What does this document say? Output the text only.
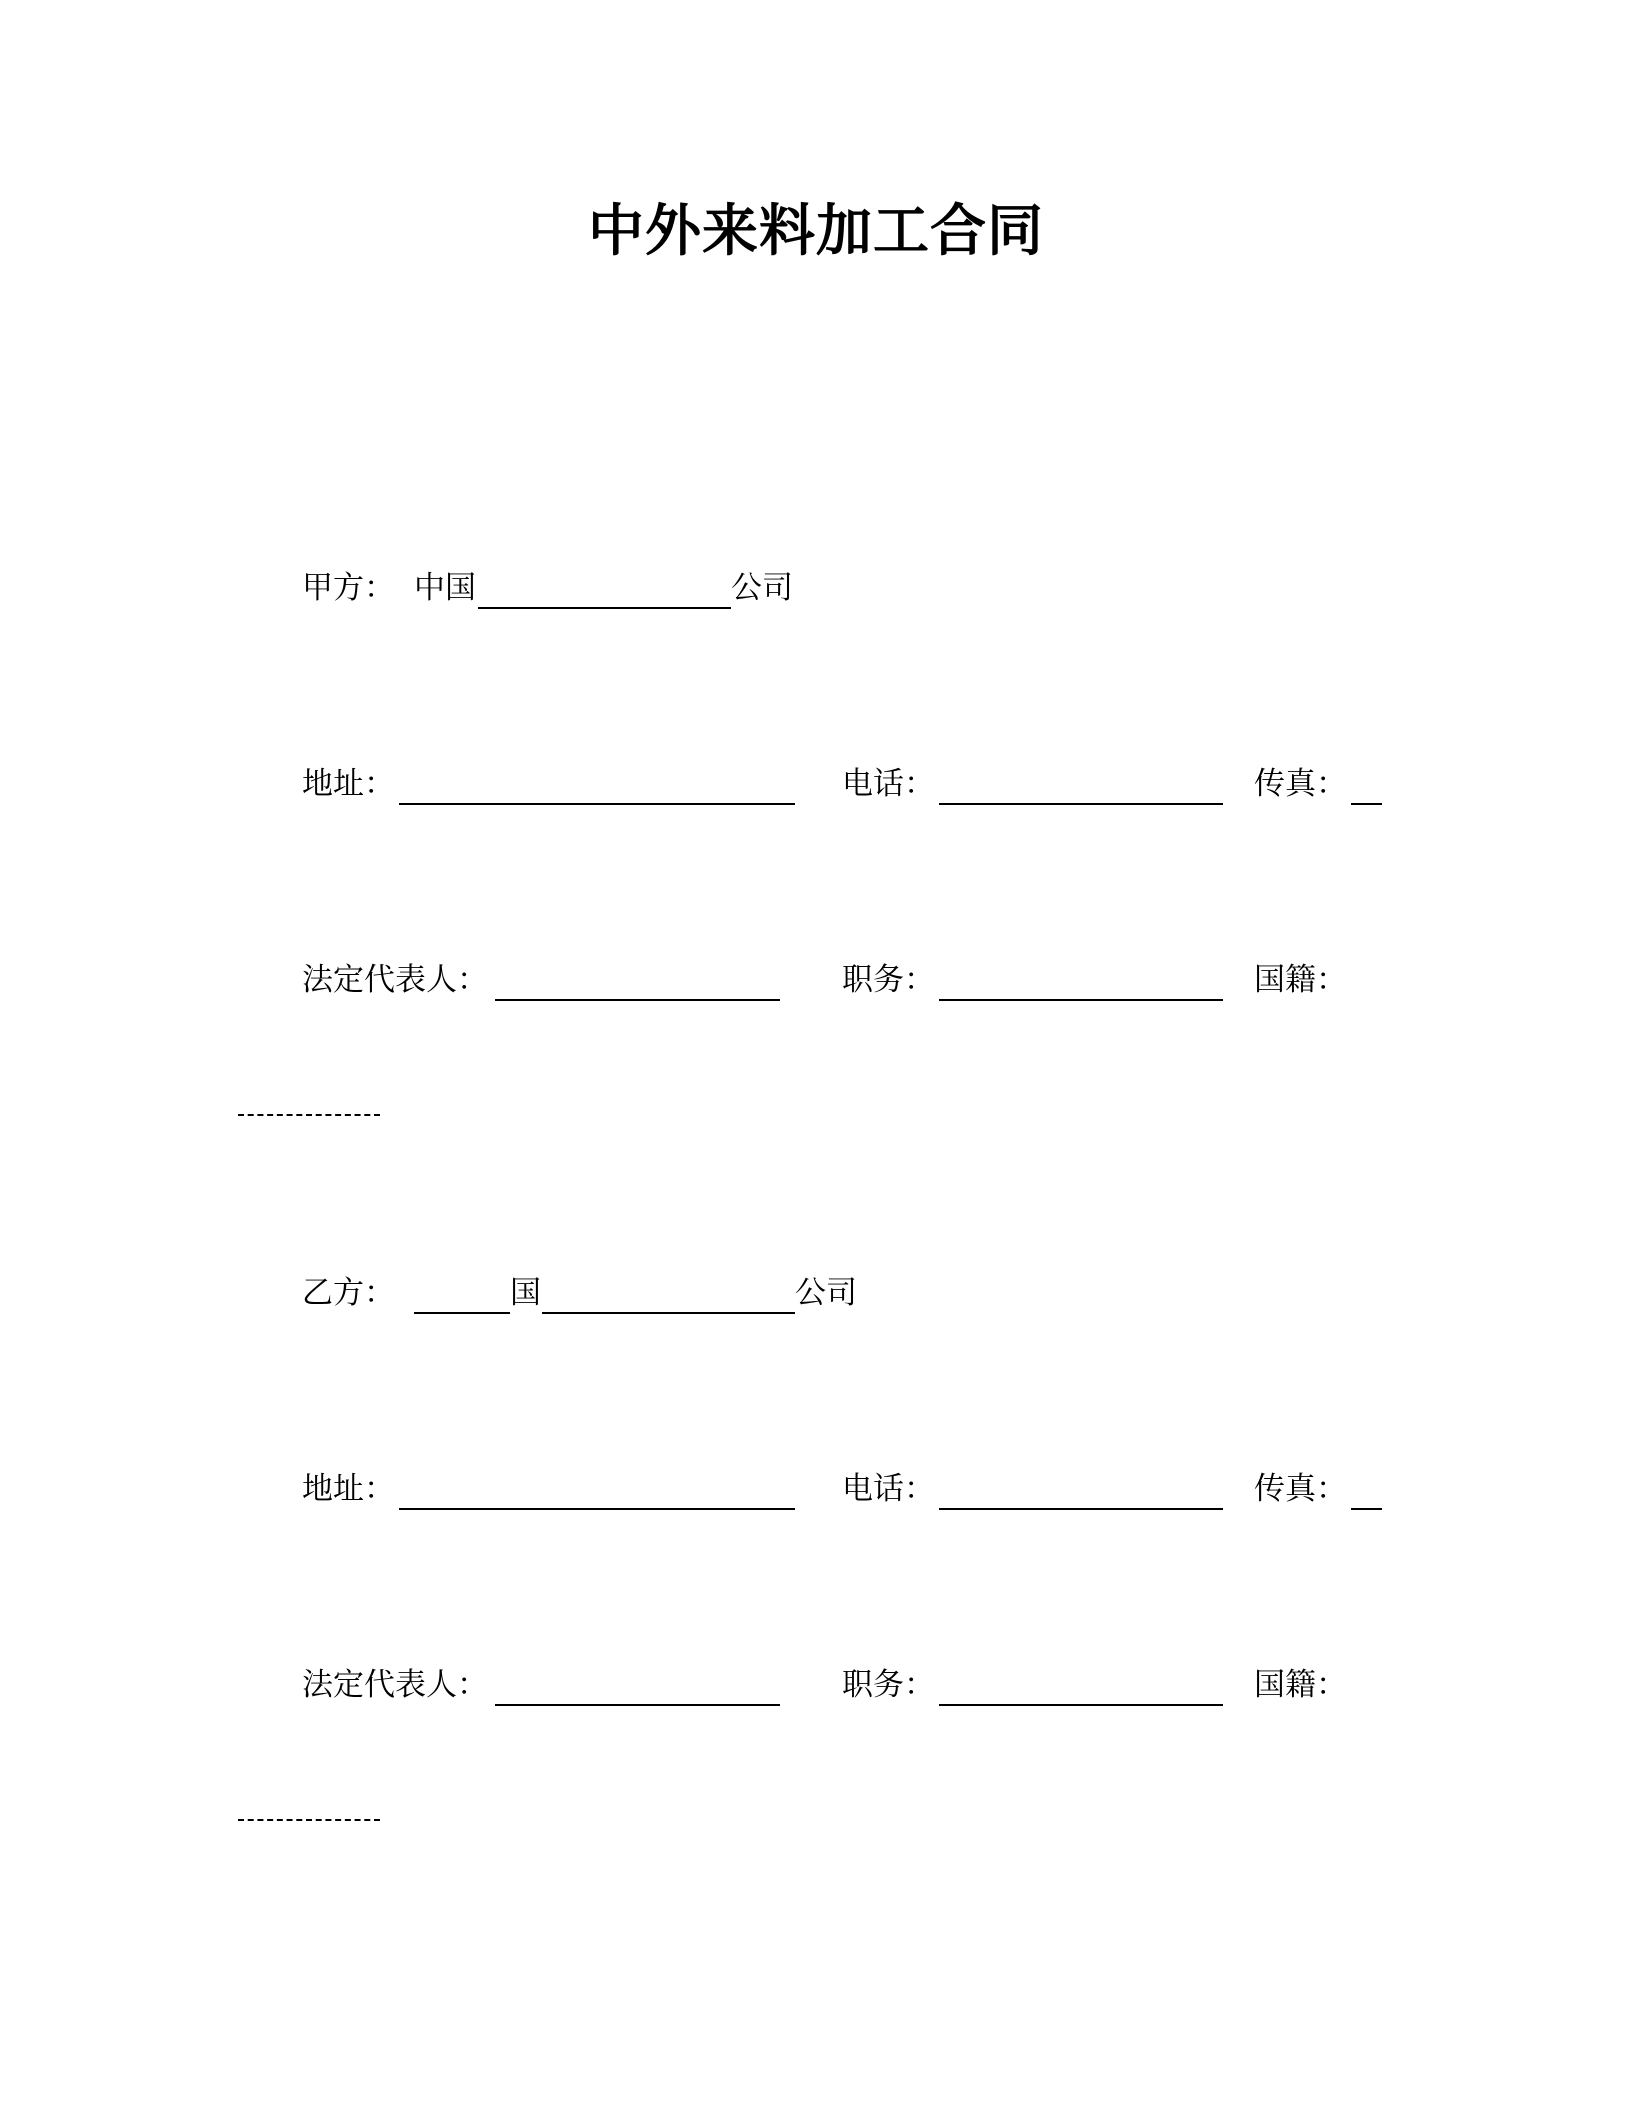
中外来料加工合同
甲方： 中国	公司
地址：	电话：	传真：
法定代表人：	职务：	国籍：
乙方：	国	公司
地址：	电话：	传真：
法定代表人：	职务：	国籍：
